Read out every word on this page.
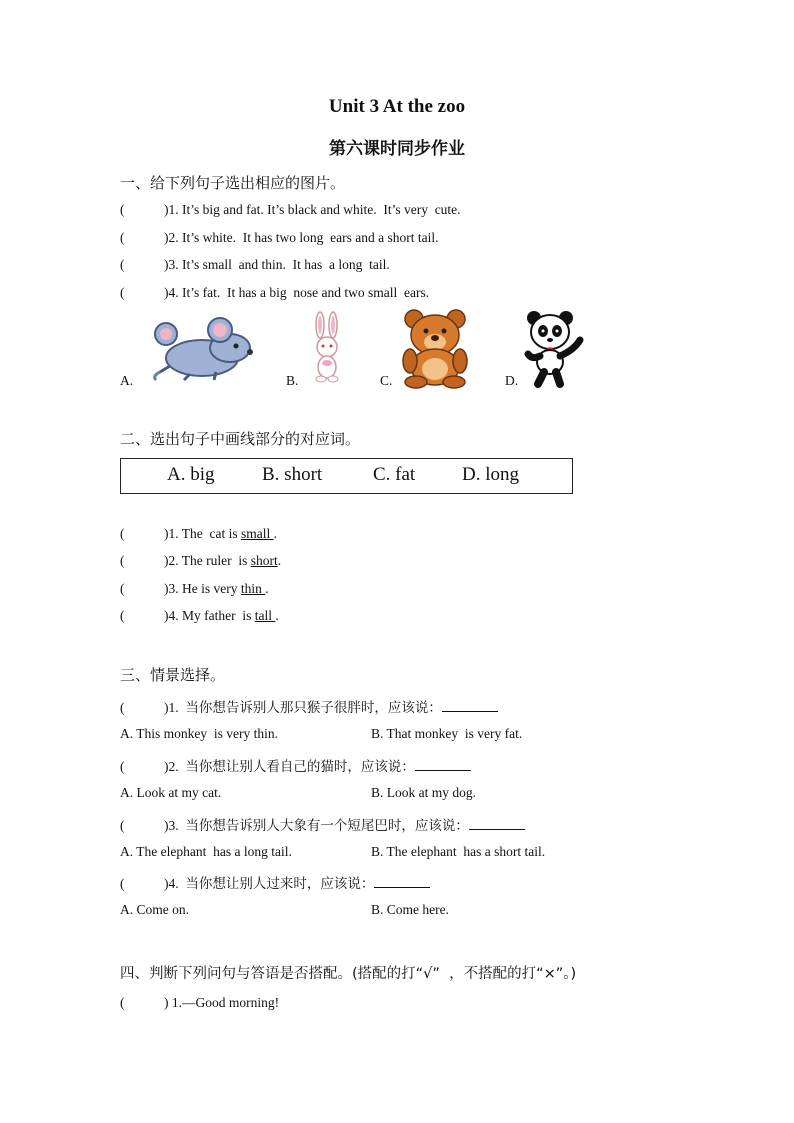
Unit 3 At the zoo
第六课时同步作业
一、给下列句子选出相应的图片。
(	)1. It’s big and fat. It’s black and white.  It’s very  cute.
(	)2. It’s white.  It has two long  ears and a short tail.
(	)3. It’s small  and thin.  It has  a long  tail.
(	)4. It’s fat.  It has a big  nose and two small  ears.
A.	B.	C.	D.
二、选出句子中画线部分的对应词。
A. big	B. short	C. fat D. long
(	)1. The  cat is small .
(	)2. The ruler  is short.
(	)3. He is very thin .
(	)4. My father  is tall .
三、情景选择。
(	)1. 当你想告诉别人那只猴子很胖时，应该说：
A. This monkey  is very thin.	B. That monkey  is very fat.
(	)2. 当你想让别人看自己的猫时，应该说：
A. Look at my cat.	B. Look at my dog.
(	)3. 当你想告诉别人大象有一个短尾巴时，应该说：
A. The elephant  has a long tail.	B. The elephant  has a short tail.
(	)4. 当你想让别人过来时，应该说：
A. Come on.	B. Come here.
四、判断下列问句与答语是否搭配。(搭配的打“√”  ，不搭配的打“×”。)
(	) 1.—Good morning!
